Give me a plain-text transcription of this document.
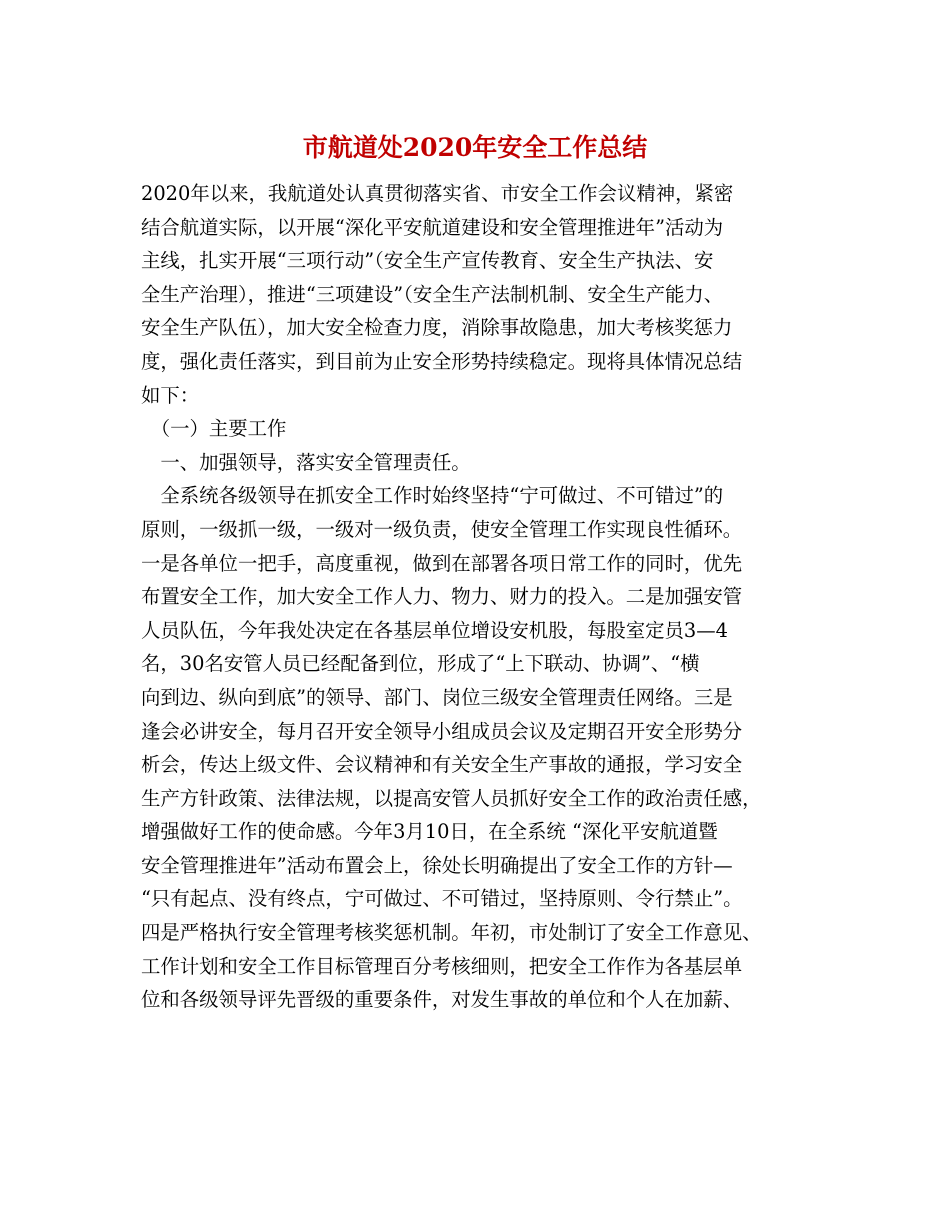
市航道处2020年安全工作总结
2020年以来，我航道处认真贯彻落实省、市安全工作会议精神，紧密
结合航道实际，以开展“深化平安航道建设和安全管理推进年”活动为
主线，扎实开展“三项行动”（安全生产宣传教育、安全生产执法、安
全生产治理），推进“三项建设”（安全生产法制机制、安全生产能力、
安全生产队伍），加大安全检查力度，消除事故隐患，加大考核奖惩力
度，强化责任落实，到目前为止安全形势持续稳定。现将具体情况总结
如下：
　（一）主要工作
　一、加强领导，落实安全管理责任。
　全系统各级领导在抓安全工作时始终坚持“宁可做过、不可错过”的
原则，一级抓一级，一级对一级负责，使安全管理工作实现良性循环。
一是各单位一把手，高度重视，做到在部署各项日常工作的同时，优先
布置安全工作，加大安全工作人力、物力、财力的投入。二是加强安管
人员队伍，今年我处决定在各基层单位增设安机股，每股室定员3—4
名，30名安管人员已经配备到位，形成了“上下联动、协调”、“横
向到边、纵向到底”的领导、部门、岗位三级安全管理责任网络。三是
逢会必讲安全，每月召开安全领导小组成员会议及定期召开安全形势分
析会，传达上级文件、会议精神和有关安全生产事故的通报，学习安全
生产方针政策、法律法规，以提高安管人员抓好安全工作的政治责任感，
增强做好工作的使命感。今年3月10日，在全系统 “深化平安航道暨
安全管理推进年”活动布置会上，徐处长明确提出了安全工作的方针—
“只有起点、没有终点，宁可做过、不可错过，坚持原则、令行禁止”。
四是严格执行安全管理考核奖惩机制。年初，市处制订了安全工作意见、
工作计划和安全工作目标管理百分考核细则，把安全工作作为各基层单
位和各级领导评先晋级的重要条件，对发生事故的单位和个人在加薪、
